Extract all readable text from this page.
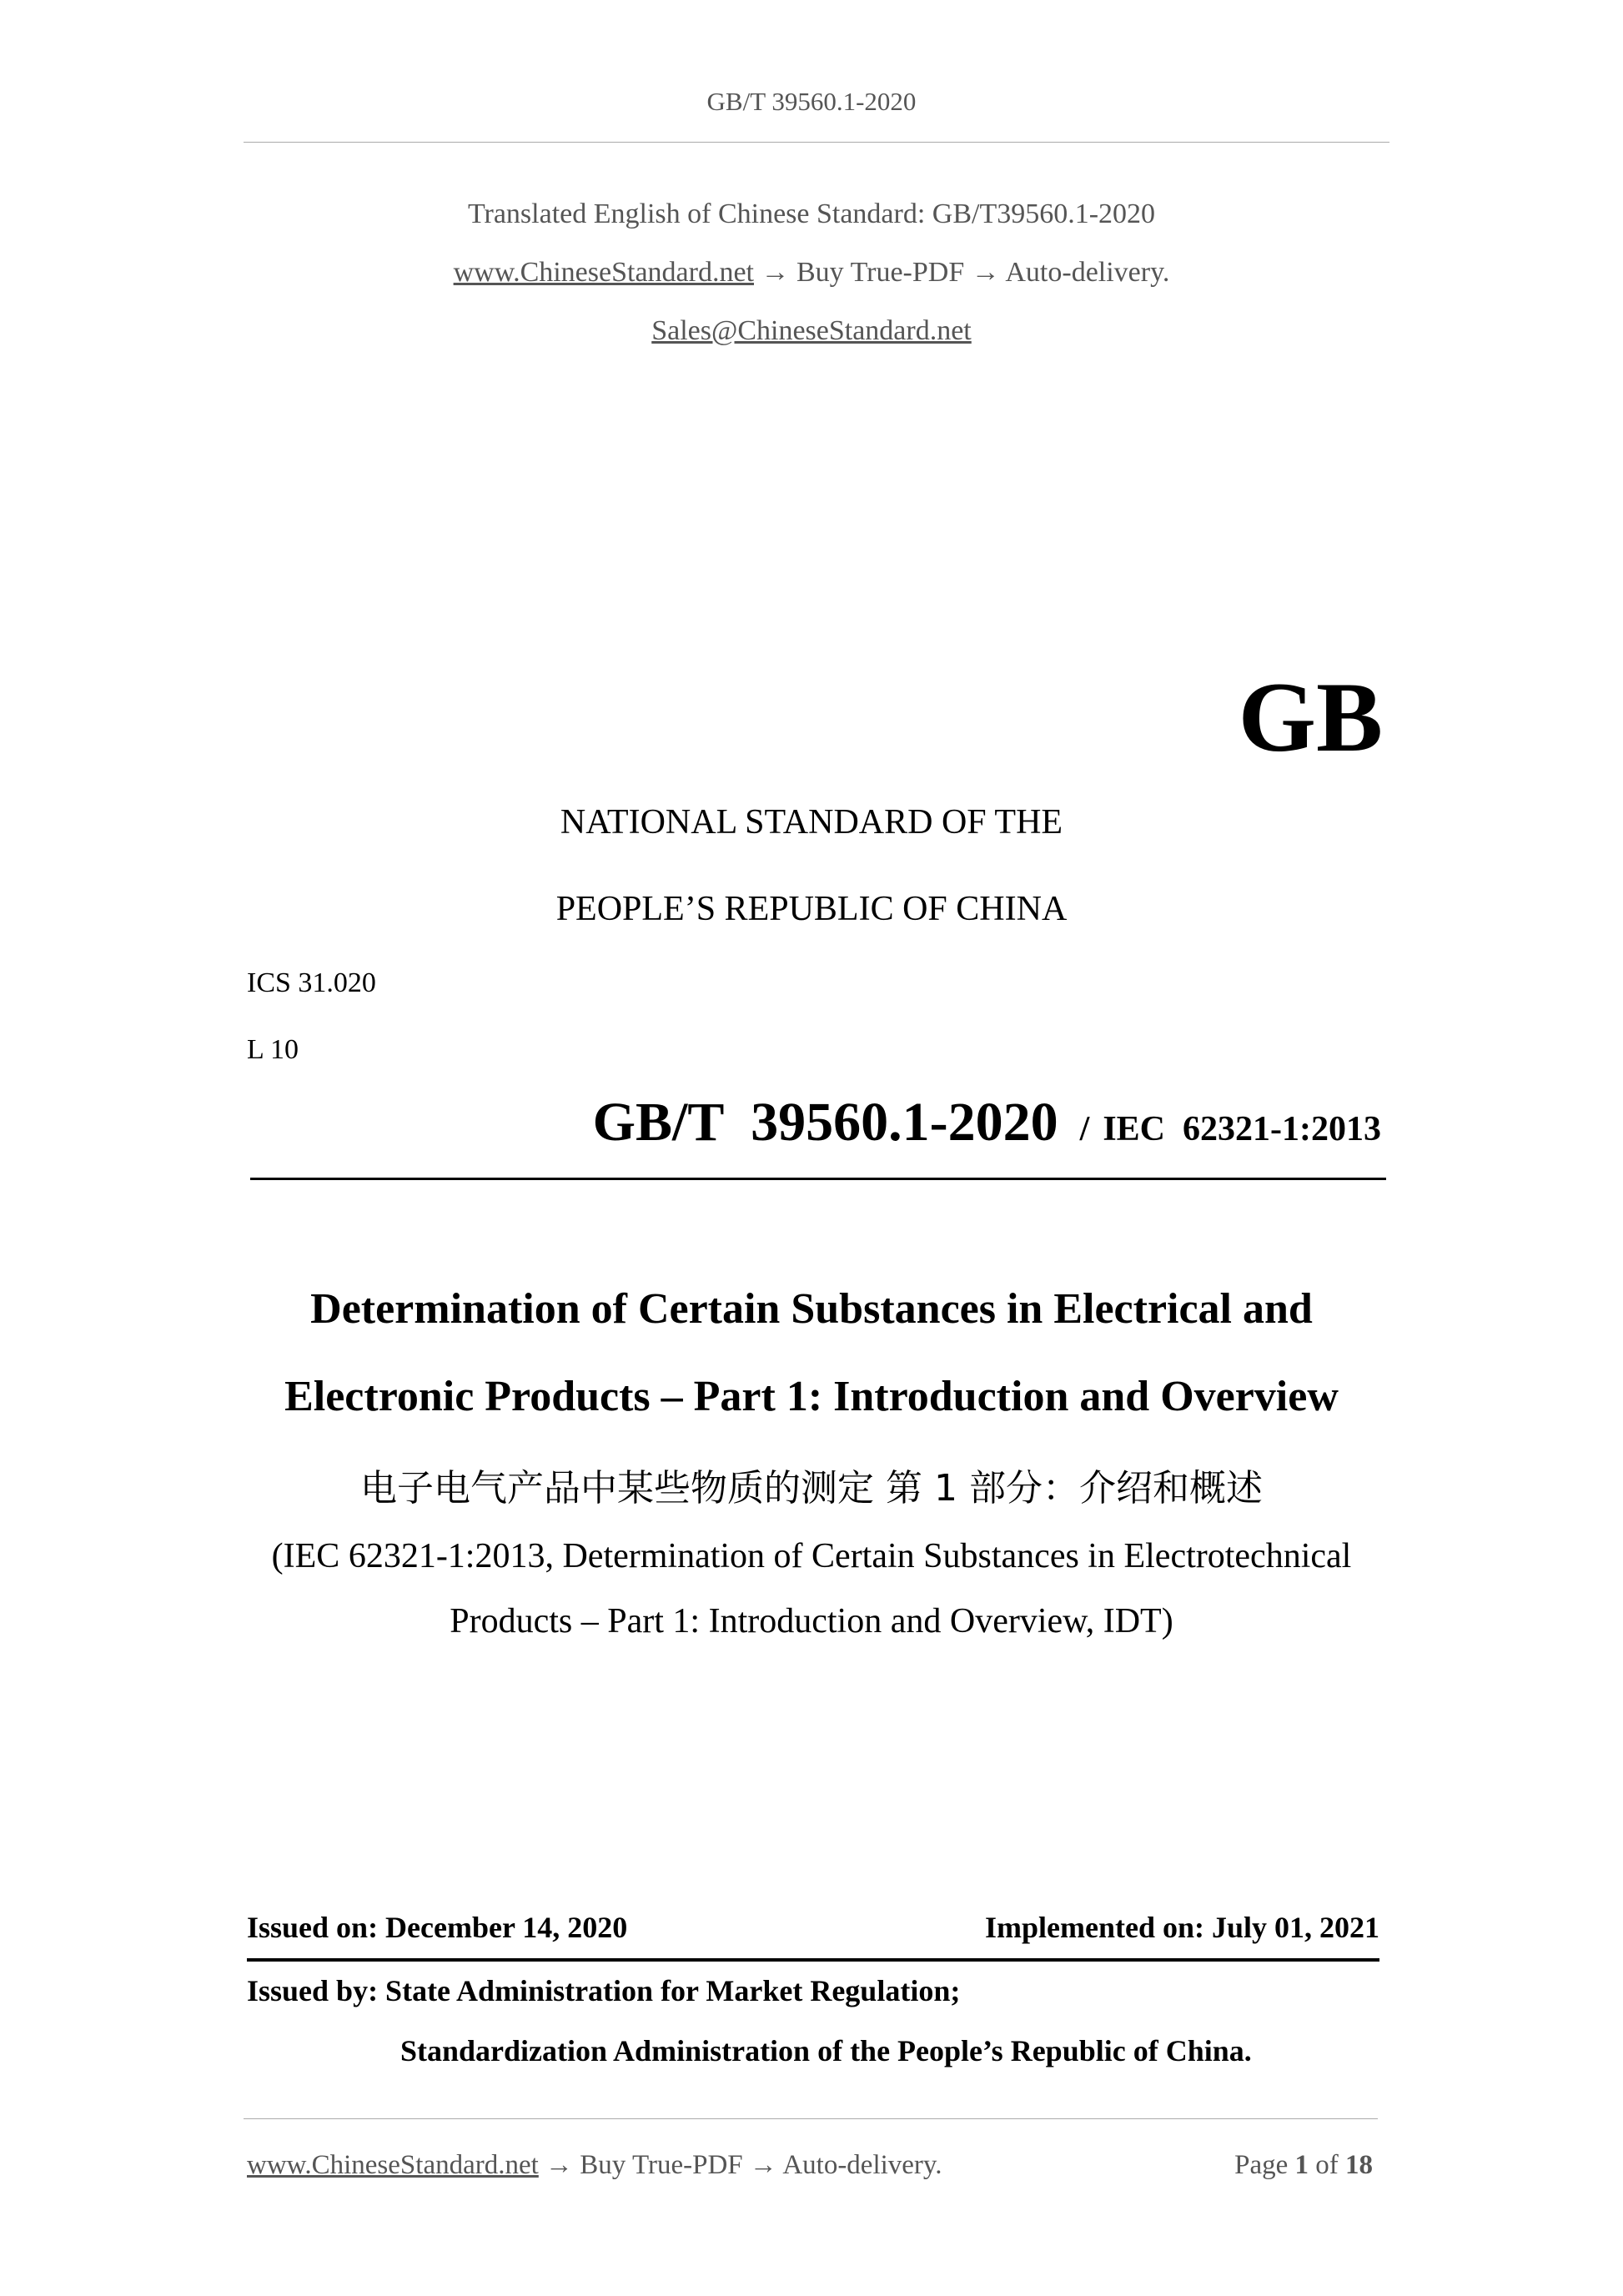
GB/T 39560.1-2020
Translated English of Chinese Standard: GB/T39560.1-2020
www.ChineseStandard.net → Buy True-PDF → Auto-delivery.
Sales@ChineseStandard.net
GB
NATIONAL STANDARD OF THE
PEOPLE’S REPUBLIC OF CHINA
ICS 31.020
L 10
GB/T  39560.1-2020 / IEC  62321-1:2013
Determination of Certain Substances in Electrical and
Electronic Products – Part 1: Introduction and Overview
电子电气产品中某些物质的测定 第 1 部分：介绍和概述
(IEC 62321-1:2013, Determination of Certain Substances in Electrotechnical
Products – Part 1: Introduction and Overview, IDT)
Issued on: December 14, 2020	Implemented on: July 01, 2021
Issued by: State Administration for Market Regulation;
Standardization Administration of the People’s Republic of China.
www.ChineseStandard.net → Buy True-PDF → Auto-delivery.	Page 1 of 18
